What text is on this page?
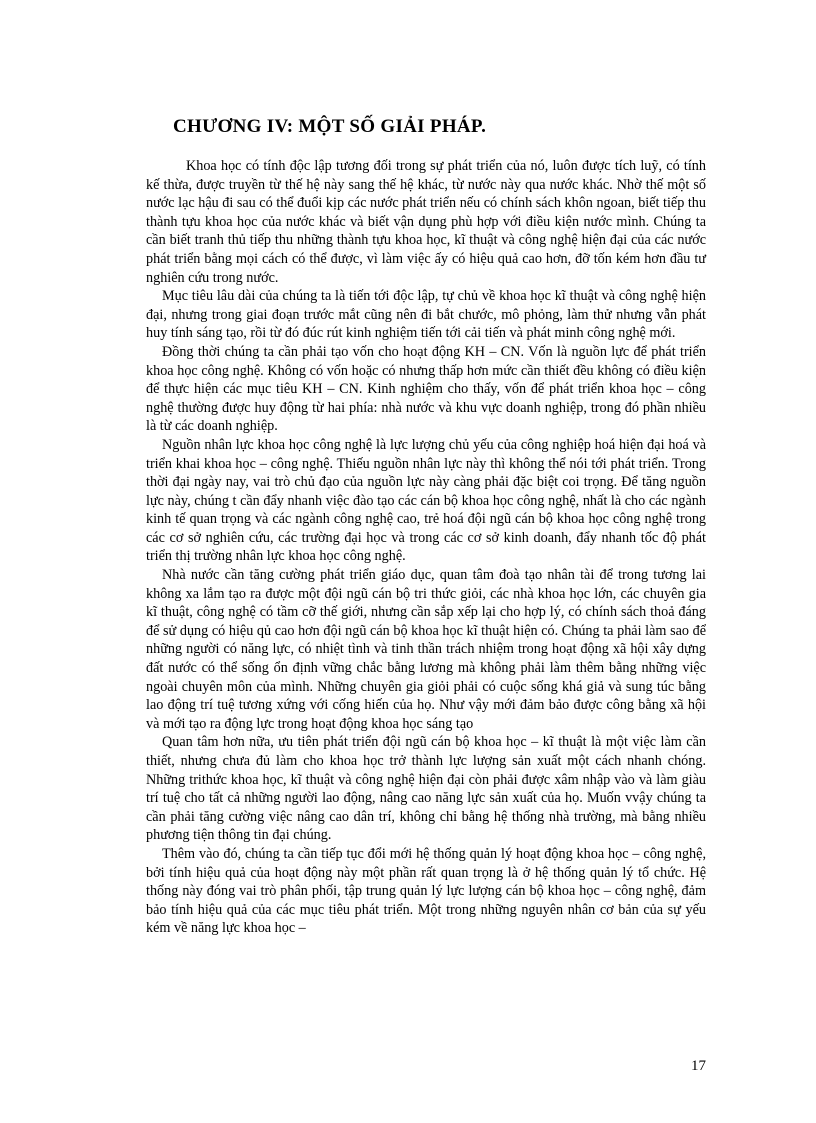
CHƯƠNG IV: MỘT SỐ GIẢI PHÁP.

Khoa học có tính độc lập tương đối trong sự phát triển của nó, luôn được tích luỹ, có tính kế thừa, được truyền từ thế hệ này sang thế hệ khác, từ nước này qua nước khác. Nhờ thế một số nước lạc hậu đi sau có thể đuổi kịp các nước phát triển nếu có chính sách khôn ngoan, biết tiếp thu thành tựu khoa học của nước khác và biết vận dụng phù hợp với điều kiện nước mình. Chúng ta cần biết tranh thủ tiếp thu những thành tựu khoa học, kĩ thuật và công nghệ hiện đại của các nước phát triển bằng mọi cách có thể được, vì làm việc ấy có hiệu quả cao hơn, đỡ tốn kém hơn đầu tư nghiên cứu trong nước.

Mục tiêu lâu dài của chúng ta là tiến tới độc lập, tự chủ về khoa học kĩ thuật và công nghệ hiện đại, nhưng trong giai đoạn trước mắt cũng nên đi bắt chước, mô phỏng, làm thử nhưng vẫn phát huy tính sáng tạo, rồi từ đó đúc rút kinh nghiệm tiến tới cải tiến và phát minh công nghệ mới.

Đồng thời chúng ta cần phải tạo vốn cho hoạt động KH – CN. Vốn là nguồn lực để phát triển khoa học công nghệ. Không có vốn hoặc có nhưng thấp hơn mức cần thiết đều không có điều kiện để thực hiện các mục tiêu KH – CN. Kinh nghiệm cho thấy, vốn để phát triển khoa học – công nghệ thường được huy động từ hai phía: nhà nước và khu vực doanh nghiệp, trong đó phần nhiều là từ các doanh nghiệp.

Nguồn nhân lực khoa học công nghệ là lực lượng chủ yếu của công nghiệp hoá hiện đại hoá và triển khai khoa học – công nghệ. Thiếu nguồn nhân lực này thì không thể nói tới phát triển. Trong thời đại ngày nay, vai trò chủ đạo của nguồn lực này càng phải đặc biệt coi trọng. Để tăng nguồn lực này, chúng t cần đẩy nhanh việc đào tạo các cán bộ khoa học công nghệ, nhất là cho các ngành kinh tế quan trọng và các ngành công nghệ cao, trẻ hoá đội ngũ cán bộ khoa học công nghệ trong các cơ sở nghiên cứu, các trường đại học và trong các cơ sở kinh doanh, đẩy nhanh tốc độ phát triển thị trường nhân lực khoa học công nghệ.

Nhà nước cần tăng cường phát triển giáo dục, quan tâm đoà tạo nhân tài để trong tương lai không xa lắm tạo ra được một đội ngũ cán bộ tri thức giỏi, các nhà khoa học lớn, các chuyên gia kĩ thuật, công nghệ có tầm cỡ thế giới, nhưng cần sắp xếp lại cho hợp lý, có chính sách thoả đáng để sử dụng có hiệu qủ cao hơn đội ngũ cán bộ khoa học kĩ thuật hiện có. Chúng ta phải làm sao để những người có năng lực, có nhiệt tình và tinh thần trách nhiệm trong hoạt động xã hội xây dựng đất nước có thể sống ổn định vững chắc bằng lương mà không phải làm thêm bằng những việc ngoài chuyên môn của mình. Những chuyên gia giỏi phải có cuộc sống khá giả và sung túc bằng lao động trí tuệ tương xứng với cống hiến của họ. Như vậy mới đảm bảo được công bằng xã hội và mới tạo ra động lực trong hoạt động khoa học sáng tạo

Quan tâm hơn nữa, ưu tiên phát triển đội ngũ cán bộ khoa học – kĩ thuật là một việc làm cần thiết, nhưng chưa đủ làm cho khoa học trở thành lực lượng sản xuất một cách nhanh chóng. Những trithức khoa học, kĩ thuật và công nghệ hiện đại còn phải được xâm nhập vào và làm giàu trí tuệ cho tất cả những người lao động, nâng cao năng lực sản xuất của họ. Muốn vvậy chúng ta cần phải tăng cường việc nâng cao dân trí, không chỉ bằng hệ thống nhà trường, mà bằng nhiều phương tiện thông tin đại chúng.

Thêm vào đó, chúng ta cần tiếp tục đổi mới hệ thống quản lý hoạt động khoa học – công nghệ, bởi tính hiệu quả của hoạt động này một phần rất quan trọng là ở hệ thống quản lý tổ chức. Hệ thống này đóng vai trò phân phối, tập trung quản lý lực lượng cán bộ khoa học – công nghệ, đảm bảo tính hiệu quả của các mục tiêu phát triển. Một trong những nguyên nhân cơ bản của sự yếu kém về năng lực khoa học –

17
